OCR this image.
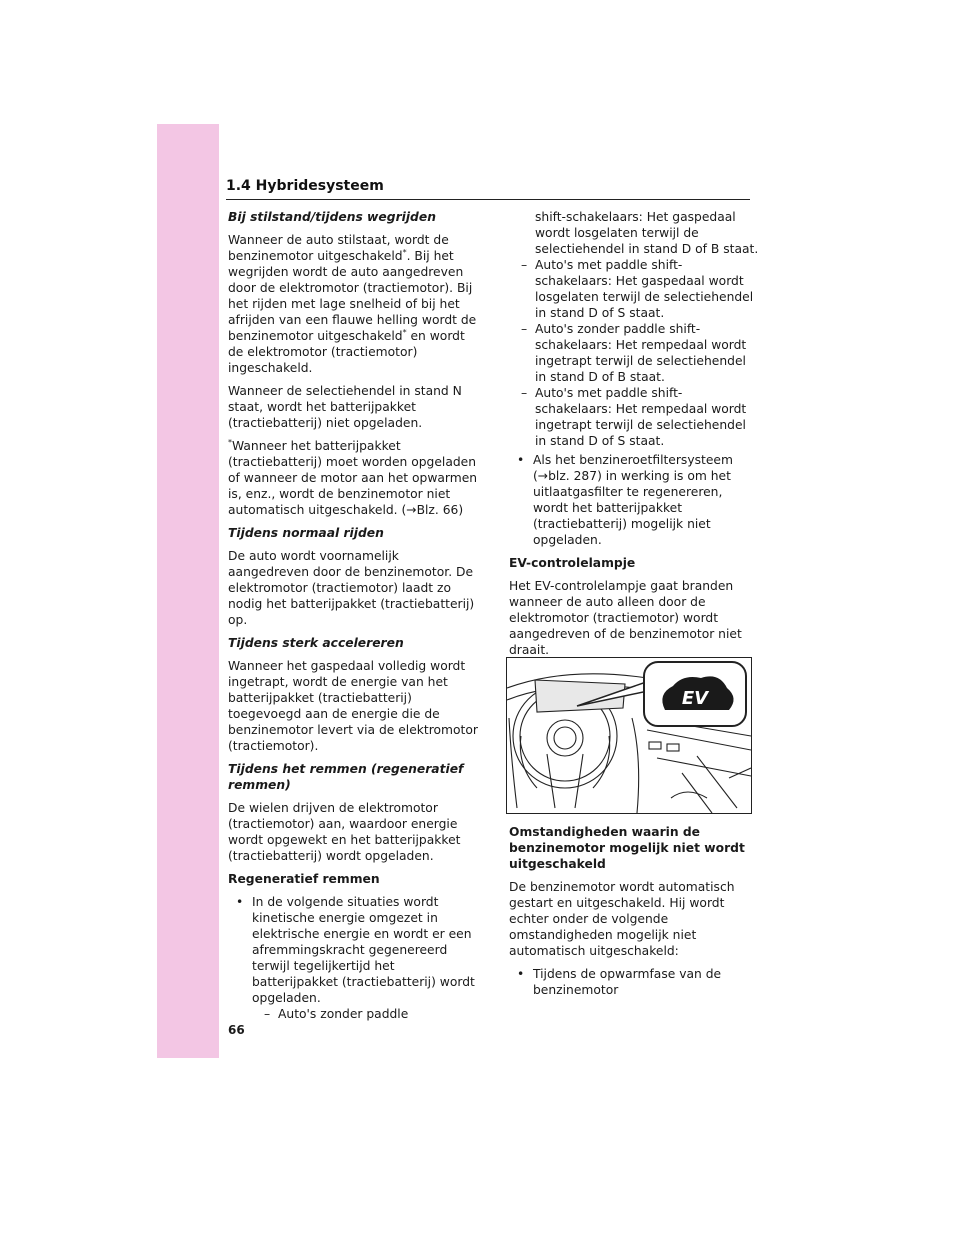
1.4 Hybridesysteem
Bij stilstand/tijdens wegrijden

Wanneer de auto stilstaat, wordt de benzinemotor uitgeschakeld*. Bij het wegrijden wordt de auto aangedreven door de elektromotor (tractiemotor). Bij het rijden met lage snelheid of bij het afrijden van een flauwe helling wordt de benzinemotor uitgeschakeld* en wordt de elektromotor (tractiemotor) ingeschakeld.

Wanneer de selectiehendel in stand N staat, wordt het batterijpakket (tractiebatterij) niet opgeladen.

*Wanneer het batterijpakket (tractiebatterij) moet worden opgeladen of wanneer de motor aan het opwarmen is, enz., wordt de benzinemotor niet automatisch uitgeschakeld. (→Blz. 66)

Tijdens normaal rijden

De auto wordt voornamelijk aangedreven door de benzinemotor. De elektromotor (tractiemotor) laadt zo nodig het batterijpakket (tractiebatterij) op.

Tijdens sterk accelereren

Wanneer het gaspedaal volledig wordt ingetrapt, wordt de energie van het batterijpakket (tractiebatterij) toegevoegd aan de energie die de benzinemotor levert via de elektromotor (tractiemotor).

Tijdens het remmen (regeneratief remmen)

De wielen drijven de elektromotor (tractiemotor) aan, waardoor energie wordt opgewekt en het batterijpakket (tractiebatterij) wordt opgeladen.

Regeneratief remmen
• In de volgende situaties wordt kinetische energie omgezet in elektrische energie en wordt er een afremmingskracht gegenereerd terwijl tegelijkertijd het batterijpakket (tractiebatterij) wordt opgeladen.
– Auto's zonder paddle
shift-schakelaars: Het gaspedaal wordt losgelaten terwijl de selectiehendel in stand D of B staat.
– Auto's met paddle shift-schakelaars: Het gaspedaal wordt losgelaten terwijl de selectiehendel in stand D of S staat.
– Auto's zonder paddle shift-schakelaars: Het rempedaal wordt ingetrapt terwijl de selectiehendel in stand D of B staat.
– Auto's met paddle shift-schakelaars: Het rempedaal wordt ingetrapt terwijl de selectiehendel in stand D of S staat.
• Als het benzineroetfiltersysteem (→blz. 287) in werking is om het uitlaatgasfilter te regenereren, wordt het batterijpakket (tractiebatterij) mogelijk niet opgeladen.
EV-controlelampje

Het EV-controlelampje gaat branden wanneer de auto alleen door de elektromotor (tractiemotor) wordt aangedreven of de benzinemotor niet draait.

EV
Omstandigheden waarin de benzinemotor mogelijk niet wordt uitgeschakeld

De benzinemotor wordt automatisch gestart en uitgeschakeld. Hij wordt echter onder de volgende omstandigheden mogelijk niet automatisch uitgeschakeld:

• Tijdens de opwarmfase van de benzinemotor
66
